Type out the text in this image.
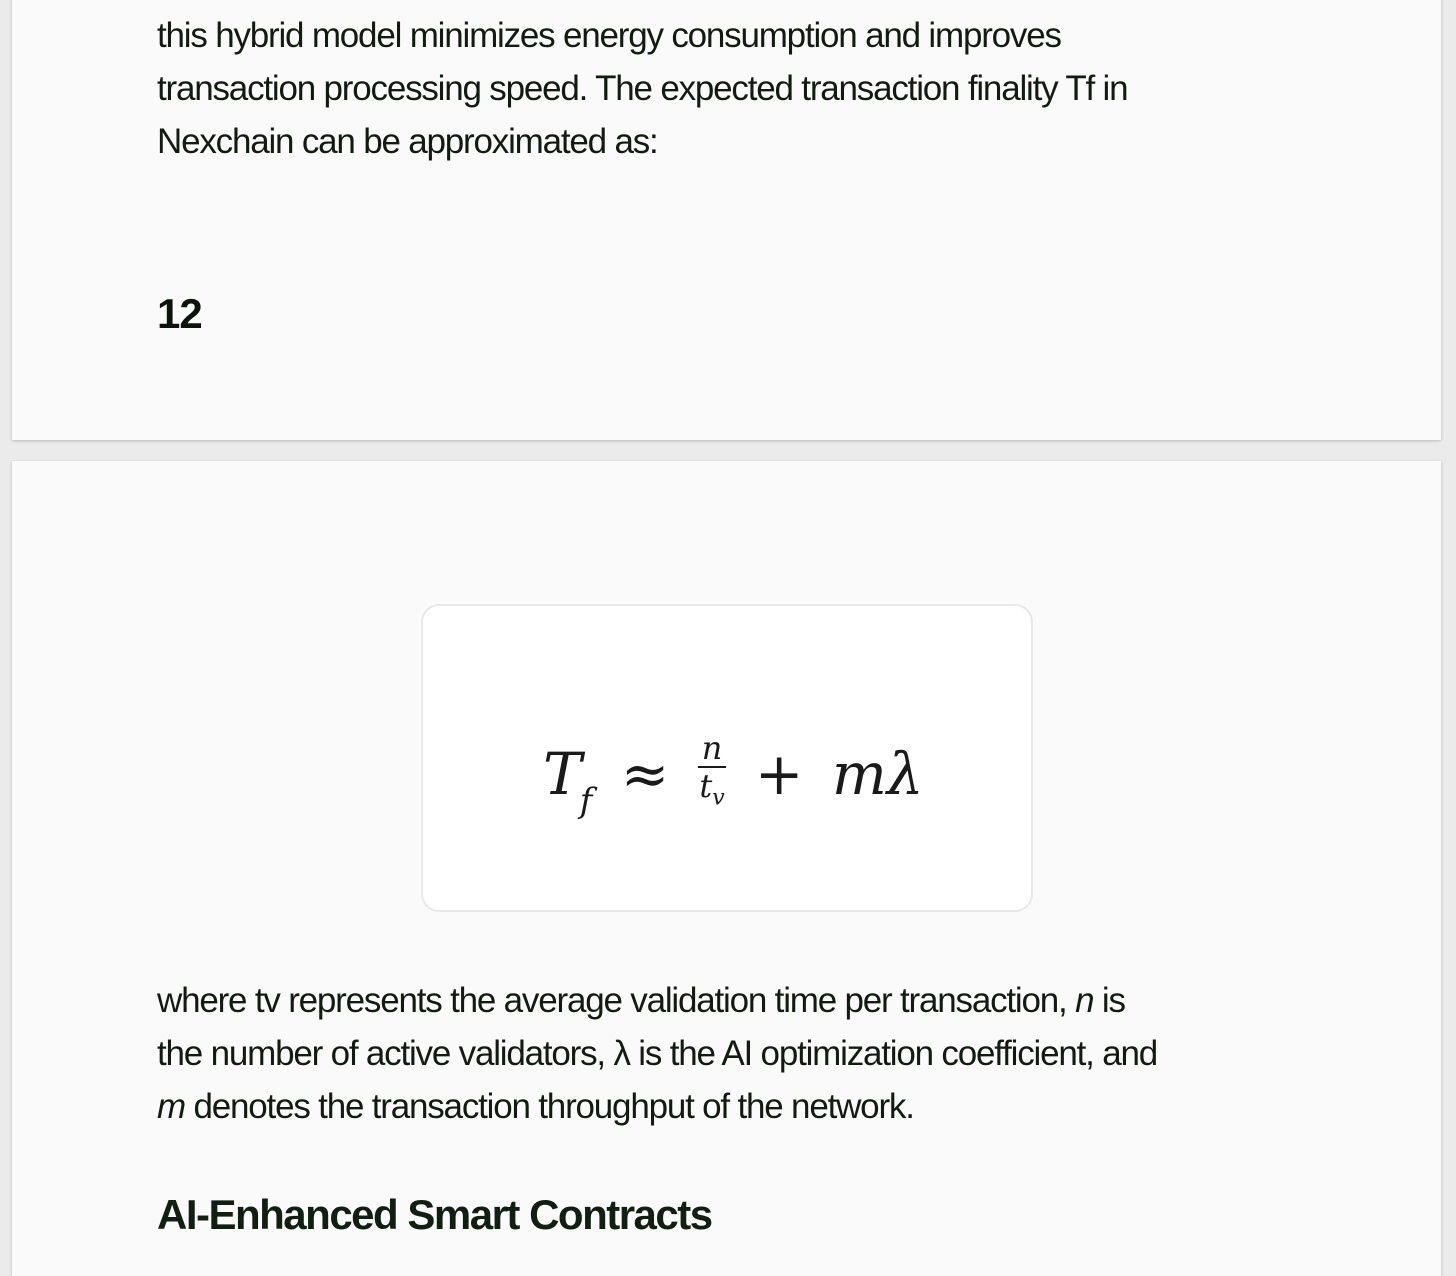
this hybrid model minimizes energy consumption and improves
transaction processing speed. The expected transaction finality Tf in
Nexchain can be approximated as:

12

$T_f \approx \frac{n}{t_v} + m\lambda$

where tv represents the average validation time per transaction, n is
the number of active validators, λ is the AI optimization coefficient, and
m denotes the transaction throughput of the network.

AI-Enhanced Smart Contracts
